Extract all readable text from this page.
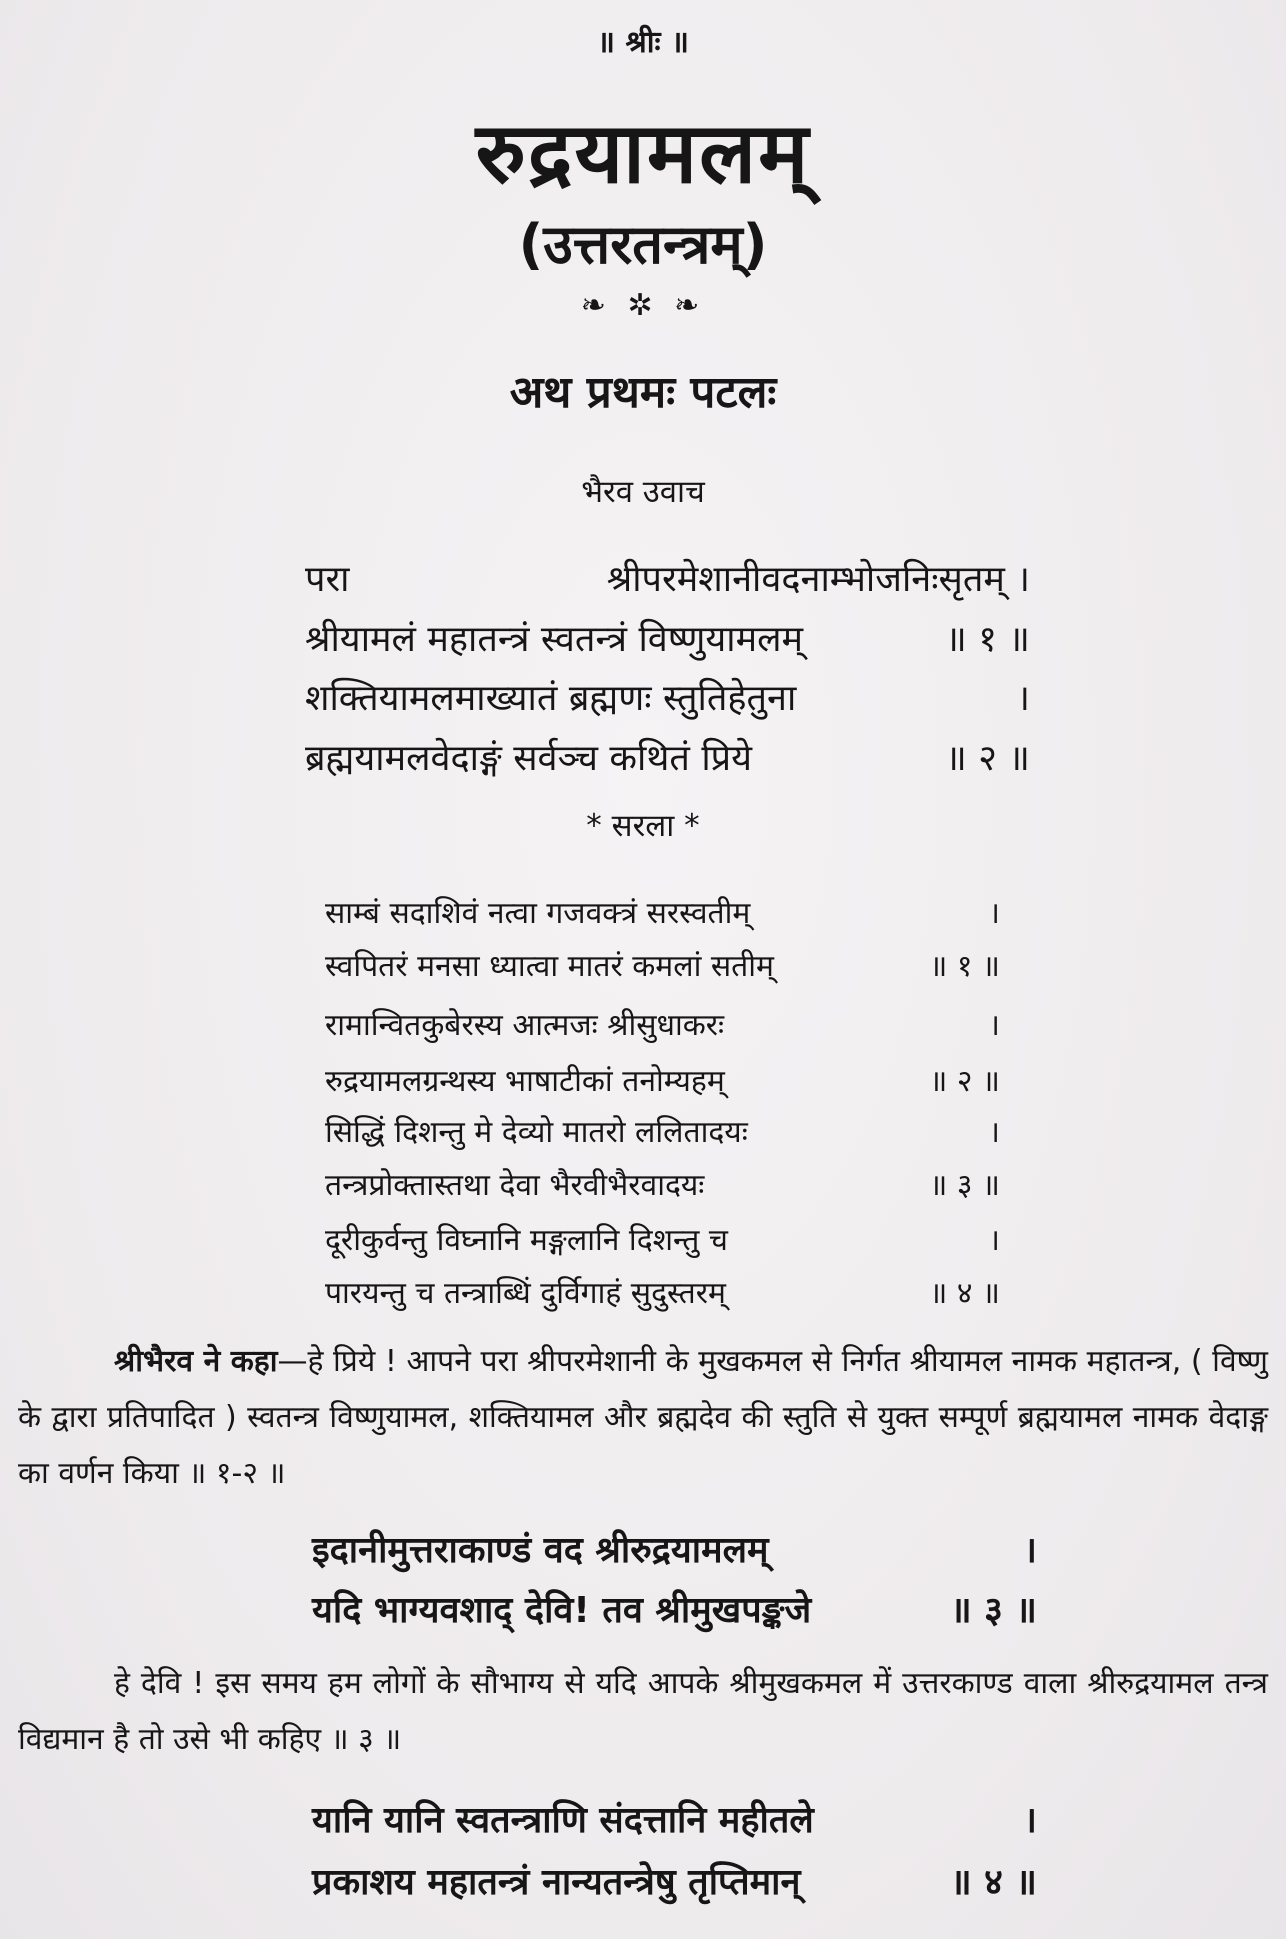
॥ श्रीः ॥
रुद्रयामलम्
(उत्तरतन्त्रम्)
❧ ✲ ❧
अथ प्रथमः पटलः
भैरव उवाच
परा	श्रीपरमेशानीवदनाम्भोजनिःसृतम् ।
श्रीयामलं महातन्त्रं स्वतन्त्रं विष्णुयामलम्	॥ १ ॥
शक्तियामलमाख्यातं ब्रह्मणः स्तुतिहेतुना	।
ब्रह्मयामलवेदाङ्गं सर्वञ्च कथितं प्रिये	॥ २ ॥
* सरला *
साम्बं सदाशिवं नत्वा गजवक्त्रं सरस्वतीम्	।
स्वपितरं मनसा ध्यात्वा मातरं कमलां सतीम्	॥ १ ॥
रामान्वितकुबेरस्य आत्मजः श्रीसुधाकरः	।
रुद्रयामलग्रन्थस्य भाषाटीकां तनोम्यहम्	॥ २ ॥
सिद्धिं दिशन्तु मे देव्यो मातरो ललितादयः	।
तन्त्रप्रोक्तास्तथा देवा भैरवीभैरवादयः	॥ ३ ॥
दूरीकुर्वन्तु विघ्नानि मङ्गलानि दिशन्तु च	।
पारयन्तु च तन्त्राब्धिं दुर्विगाहं सुदुस्तरम्	॥ ४ ॥
श्रीभैरव ने कहा—हे प्रिये ! आपने परा श्रीपरमेशानी के मुखकमल से निर्गत श्रीयामल नामक महातन्त्र, ( विष्णु के द्वारा प्रतिपादित ) स्वतन्त्र विष्णुयामल, शक्तियामल और ब्रह्मदेव की स्तुति से युक्त सम्पूर्ण ब्रह्मयामल नामक वेदाङ्ग का वर्णन किया ॥ १-२ ॥
इदानीमुत्तराकाण्डं वद श्रीरुद्रयामलम्	।
यदि भाग्यवशाद् देवि! तव श्रीमुखपङ्कजे	॥ ३ ॥
हे देवि ! इस समय हम लोगों के सौभाग्य से यदि आपके श्रीमुखकमल में उत्तरकाण्ड वाला श्रीरुद्रयामल तन्त्र विद्यमान है तो उसे भी कहिए ॥ ३ ॥
यानि यानि स्वतन्त्राणि संदत्तानि महीतले	।
प्रकाशय महातन्त्रं नान्यतन्त्रेषु तृप्तिमान्	॥ ४ ॥
